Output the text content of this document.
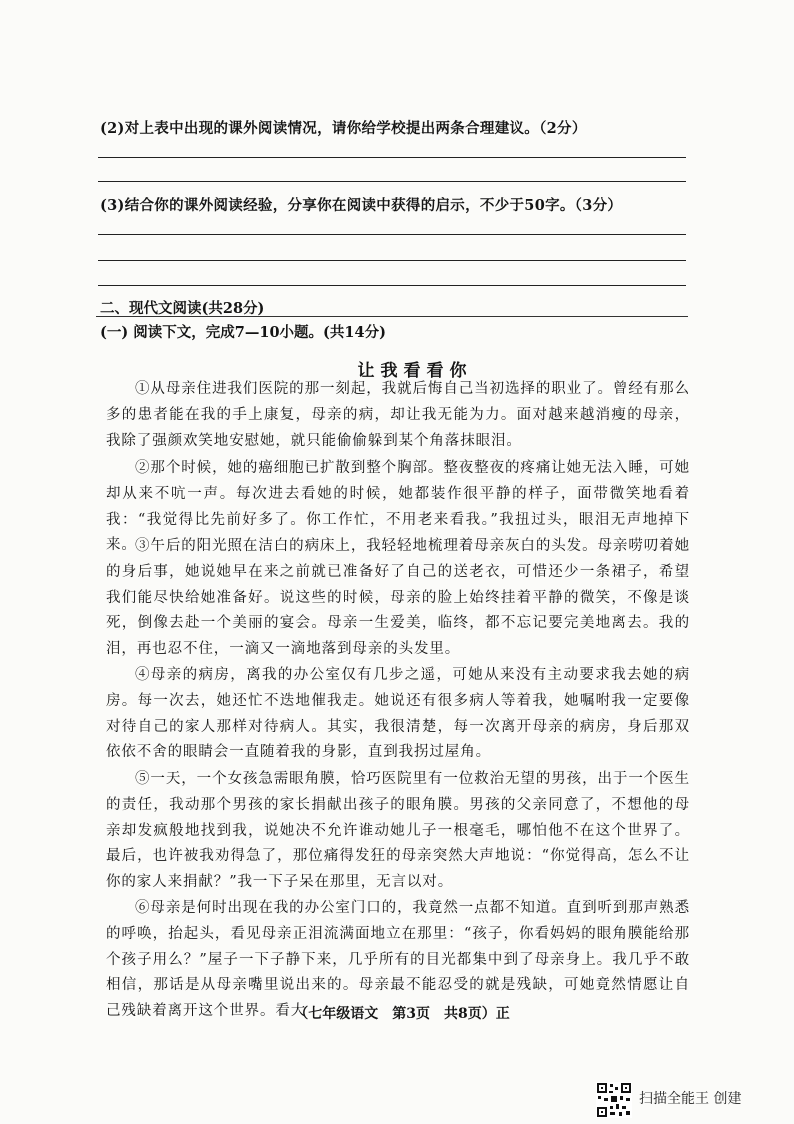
(2)对上表中出现的课外阅读情况，请你给学校提出两条合理建议。（2分）
(3)结合你的课外阅读经验，分享你在阅读中获得的启示，不少于50字。（3分）
二、现代文阅读(共28分)
(一) 阅读下文，完成7—10小题。(共14分)
让我看看你

①从母亲住进我们医院的那一刻起，我就后悔自己当初选择的职业了。曾经有那么多的患者能在我的手上康复，母亲的病，却让我无能为力。面对越来越消瘦的母亲，我除了强颜欢笑地安慰她，就只能偷偷躲到某个角落抹眼泪。

②那个时候，她的癌细胞已扩散到整个胸部。整夜整夜的疼痛让她无法入睡，可她却从来不吭一声。每次进去看她的时候，她都装作很平静的样子，面带微笑地看着我：“我觉得比先前好多了。你工作忙，不用老来看我。”我扭过头，眼泪无声地掉下来。

③午后的阳光照在洁白的病床上，我轻轻地梳理着母亲灰白的头发。母亲唠叨着她的身后事，她说她早在来之前就已准备好了自己的送老衣，可惜还少一条裙子，希望我们能尽快给她准备好。说这些的时候，母亲的脸上始终挂着平静的微笑，不像是谈死，倒像去赴一个美丽的宴会。母亲一生爱美，临终，都不忘记要完美地离去。我的泪，再也忍不住，一滴又一滴地落到母亲的头发里。

④母亲的病房，离我的办公室仅有几步之遥，可她从来没有主动要求我去她的病房。每一次去，她还忙不迭地催我走。她说还有很多病人等着我，她嘱咐我一定要像对待自己的家人那样对待病人。其实，我很清楚，每一次离开母亲的病房，身后那双依依不舍的眼睛会一直随着我的身影，直到我拐过屋角。

⑤一天，一个女孩急需眼角膜，恰巧医院里有一位救治无望的男孩，出于一个医生的责任，我动那个男孩的家长捐献出孩子的眼角膜。男孩的父亲同意了，不想他的母亲却发疯般地找到我，说她决不允许谁动她儿子一根毫毛，哪怕他不在这个世界了。最后，也许被我劝得急了，那位痛得发狂的母亲突然大声地说：“你觉得高，怎么不让你的家人来捐献？”我一下子呆在那里，无言以对。

⑥母亲是何时出现在我的办公室门口的，我竟然一点都不知道。直到听到那声熟悉的呼唤，抬起头，看见母亲正泪流满面地立在那里：“孩子，你看妈妈的眼角膜能给那个孩子用么？”屋子一下子静下来，几乎所有的目光都集中到了母亲身上。我几乎不敢相信，那话是从母亲嘴里说出来的。母亲最不能忍受的就是残缺，可她竟然情愿让自己残缺着离开这个世界。看大

（七年级语文　第3页　共8页）正
扫描全能王 创建
